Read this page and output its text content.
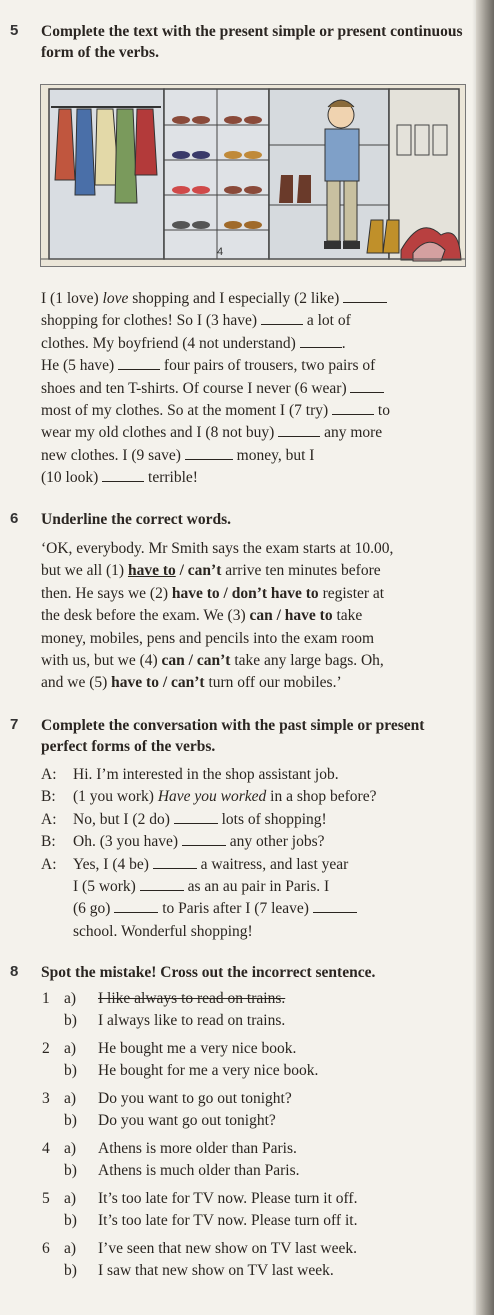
5 Complete the text with the present simple or present continuous form of the verbs.
4

I (1 love) love shopping and I especially (2 like)
shopping for clothes! So I (3 have)	a lot of
clothes. My boyfriend (4 not understand)	.
He (5 have)	four pairs of trousers, two pairs of
shoes and ten T-shirts. Of course I never (6 wear)
most of my clothes. So at the moment I (7 try)	to
wear my old clothes and I (8 not buy)	any more
new clothes. I (9 save)	money, but I
(10 look)	terrible!

6 Underline the correct words.

‘OK, everybody. Mr Smith says the exam starts at 10.00,
but we all (1) have to / can’t arrive ten minutes before
then. He says we (2) have to / don’t have to register at
the desk before the exam. We (3) can / have to take
money, mobiles, pens and pencils into the exam room
with us, but we (4) can / can’t take any large bags. Oh,
and we (5) have to / can’t turn off our mobiles.’

7 Complete the conversation with the past simple or present perfect forms of the verbs.
A:	Hi. I’m interested in the shop assistant job.
B:	(1 you work) Have you worked in a shop before?
A:	No, but I (2 do)	lots of shopping!
B:	Oh. (3 you have)	any other jobs?
A:	Yes, I (4 be)	a waitress, and last year
I (5 work)	as an au pair in Paris. I
(6 go)	to Paris after I (7 leave)
school. Wonderful shopping!
8 Spot the mistake! Cross out the incorrect sentence.
1 a)	I like always to read on trains.
b)	I always like to read on trains.
2 a)	He bought me a very nice book.
b)	He bought for me a very nice book.
3 a)	Do you want to go out tonight?
b)	Do you want go out tonight?
4 a)	Athens is more older than Paris.
b)	Athens is much older than Paris.
5 a)	It’s too late for TV now. Please turn it off.
b)	It’s too late for TV now. Please turn off it.
6 a)	I’ve seen that new show on TV last week.
b)	I saw that new show on TV last week.
